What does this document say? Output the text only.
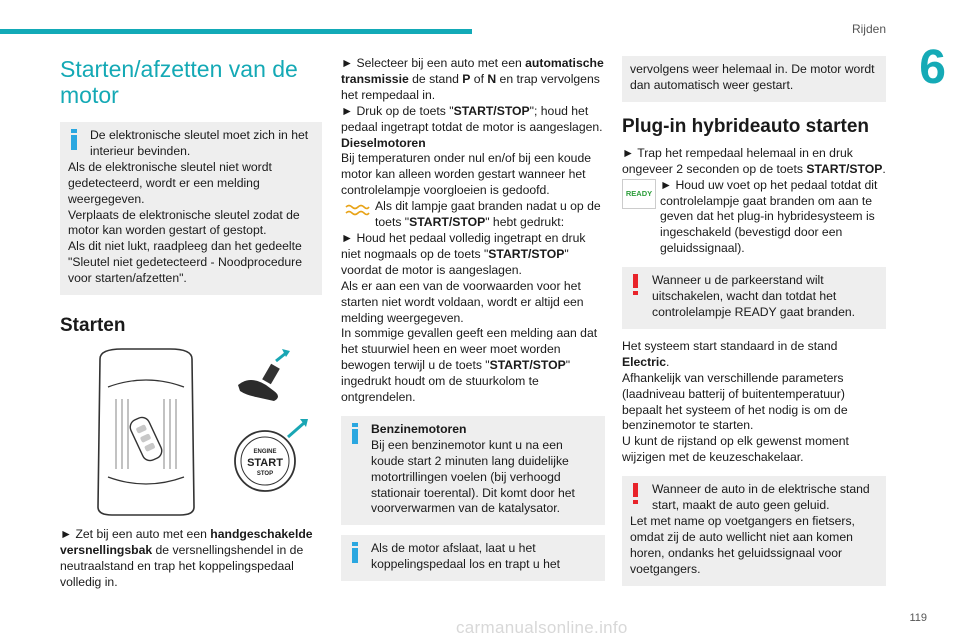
Rijden
6
Starten/afzetten van de motor

De elektronische sleutel moet zich in het interieur bevinden.

Als de elektronische sleutel niet wordt gedetecteerd, wordt er een melding weergegeven.

Verplaats de elektronische sleutel zodat de motor kan worden gestart of gestopt.

Als dit niet lukt, raadpleeg dan het gedeelte "Sleutel niet gedetecteerd - Noodprocedure voor starten/afzetten".

Starten
ENGINE
START
STOP

► Zet bij een auto met een handgeschakelde versnellingsbak de versnellingshendel in de neutraalstand en trap het koppelingspedaal volledig in.

► Selecteer bij een auto met een automatische transmissie de stand P of N en trap vervolgens het rempedaal in.

► Druk op de toets "START/STOP"; houd het pedaal ingetrapt totdat de motor is aangeslagen.

Dieselmotoren

Bij temperaturen onder nul en/of bij een koude motor kan alleen worden gestart wanneer het controlelampje voorgloeien is gedoofd.

Als dit lampje gaat branden nadat u op de toets "START/STOP" hebt gedrukt:

► Houd het pedaal volledig ingetrapt en druk niet nogmaals op de toets "START/STOP" voordat de motor is aangeslagen.

Als er aan een van de voorwaarden voor het starten niet wordt voldaan, wordt er altijd een melding weergegeven.

In sommige gevallen geeft een melding aan dat het stuurwiel heen en weer moet worden bewogen terwijl u de toets "START/STOP" ingedrukt houdt om de stuurkolom te ontgrendelen.

Benzinemotoren

Bij een benzinemotor kunt u na een koude start 2 minuten lang duidelijke motortrillingen voelen (bij verhoogd stationair toerental). Dit komt door het voorverwarmen van de katalysator.

Als de motor afslaat, laat u het koppelingspedaal los en trapt u het

vervolgens weer helemaal in. De motor wordt dan automatisch weer gestart.

Plug-in hybrideauto starten

► Trap het rempedaal helemaal in en druk ongeveer 2 seconden op de toets START/STOP.

READY

► Houd uw voet op het pedaal totdat dit controlelampje gaat branden om aan te geven dat het plug-in hybridesysteem is ingeschakeld (bevestigd door een geluidssignaal).

Wanneer u de parkeerstand wilt uitschakelen, wacht dan totdat het controlelampje READY gaat branden.

Het systeem start standaard in de stand Electric.

Afhankelijk van verschillende parameters (laadniveau batterij of buitentemperatuur) bepaalt het systeem of het nodig is om de benzinemotor te starten.

U kunt de rijstand op elk gewenst moment wijzigen met de keuzeschakelaar.

Wanneer de auto in de elektrische stand start, maakt de auto geen geluid.

Let met name op voetgangers en fietsers, omdat zij de auto wellicht niet aan komen horen, ondanks het geluidssignaal voor voetgangers.

119
carmanualsonline.info
